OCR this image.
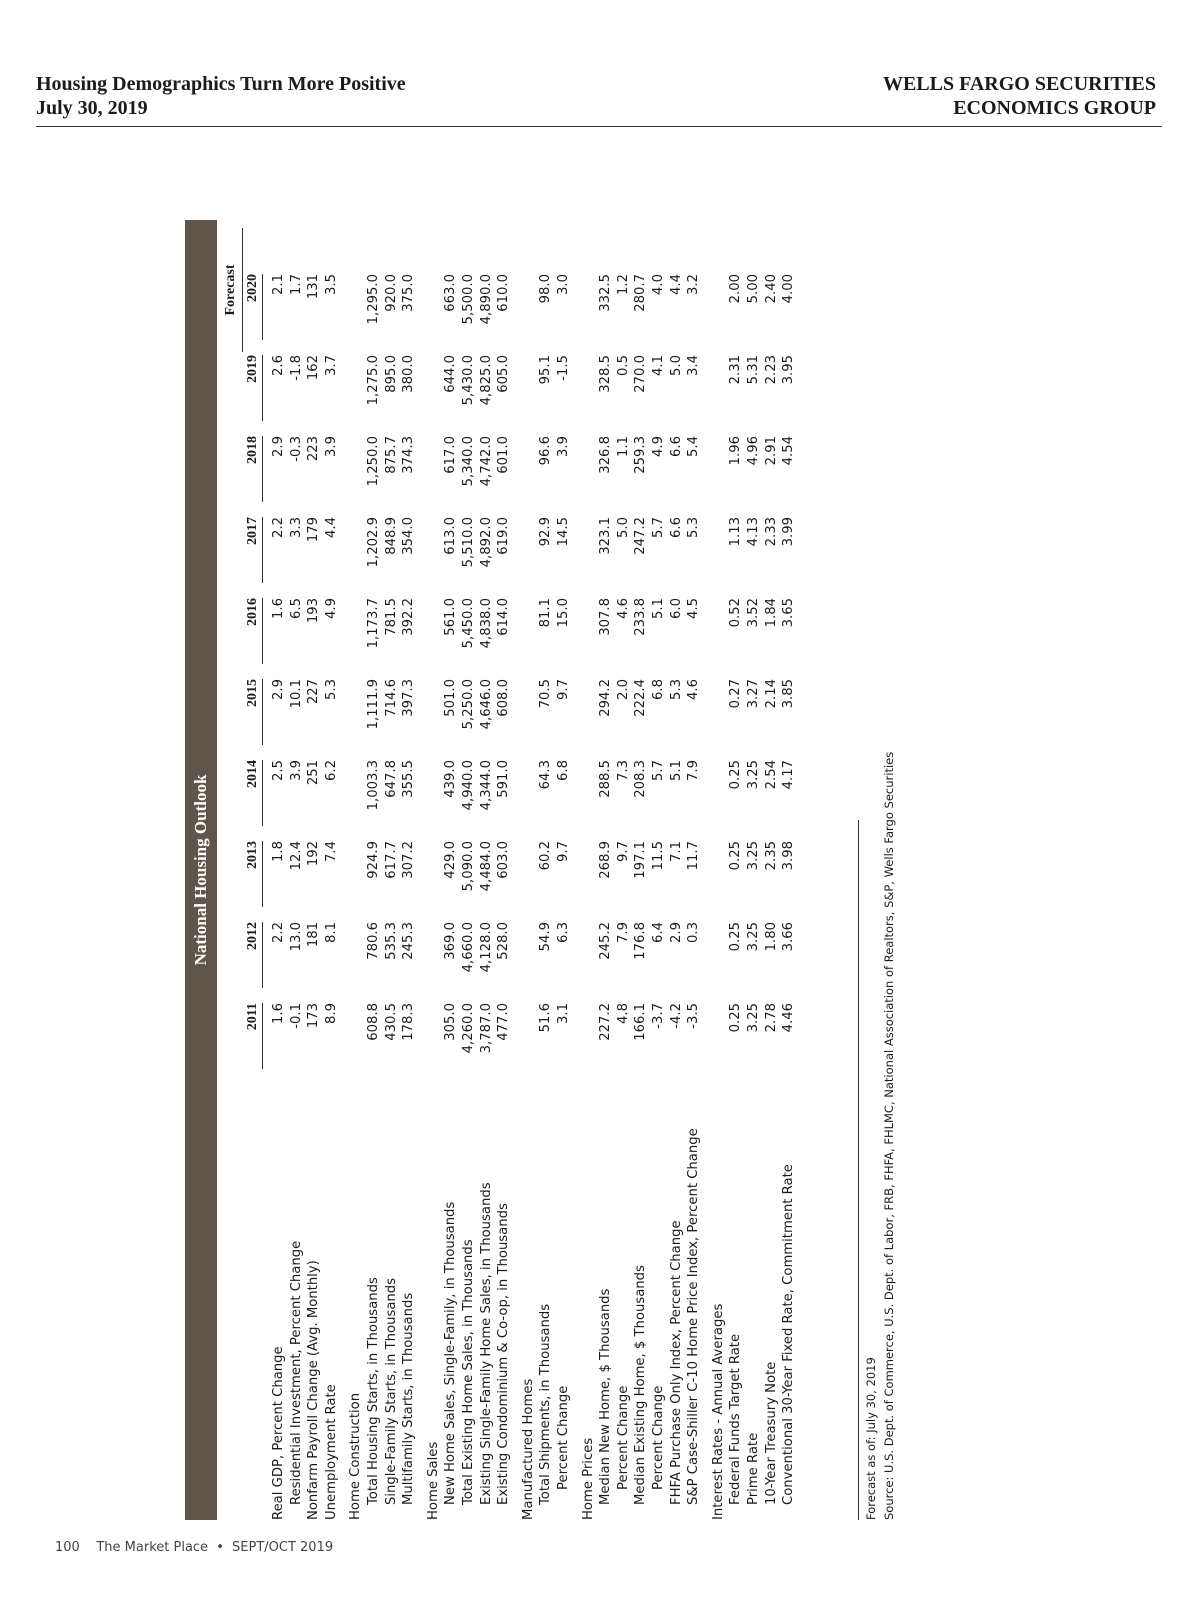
Housing Demographics Turn More Positive
July 30, 2019
WELLS FARGO SECURITIES
ECONOMICS GROUP
National Housing Outlook
Forecast
Real GDP, Percent Change
1.6
2.2
1.8
2.5
2.9
1.6
2.2
2.9
2.6
2.1
Residential Investment, Percent Change
-0.1
13.0
12.4
3.9
10.1
6.5
3.3
-0.3
-1.8
1.7
Nonfarm Payroll Change (Avg. Monthly)
173
181
192
251
227
193
179
223
162
131
Unemployment Rate
8.9
8.1
7.4
6.2
5.3
4.9
4.4
3.9
3.7
3.5
Home Construction Total Housing Starts, in Thousands
608.8
780.6
924.9
1,003.3
1,111.9
1,173.7
1,202.9
1,250.0
1,275.0
1,295.0
Single-Family Starts, in Thousands
430.5
535.3
617.7
647.8
714.6
781.5
848.9
875.7
895.0
920.0
Multifamily Starts, in Thousands
178.3
245.3
307.2
355.5
397.3
392.2
354.0
374.3
380.0
375.0
Home Sales New Home Sales, Single-Family, in Thousands
305.0
369.0
429.0
439.0
501.0
561.0
613.0
617.0
644.0
663.0
Total Existing Home Sales, in Thousands
4,260.0
4,660.0
5,090.0
4,940.0
5,250.0
5,450.0
5,510.0
5,340.0
5,430.0
5,500.0
Existing Single-Family Home Sales, in Thousands
3,787.0
4,128.0
4,484.0
4,344.0
4,646.0
4,838.0
4,892.0
4,742.0
4,825.0
4,890.0
Existing Condominium & Co-op, in Thousands
477.0
528.0
603.0
591.0
608.0
614.0
619.0
601.0
605.0
610.0
Manufactured Homes Total Shipments, in Thousands
51.6
54.9
60.2
64.3
70.5
81.1
92.9
96.6
95.1
98.0
Percent Change
3.1
6.3
9.7
6.8
9.7
15.0
14.5
3.9
-1.5
3.0
Home Prices Median New Home, $ Thousands
227.2
245.2
268.9
288.5
294.2
307.8
323.1
326.8
328.5
332.5
Percent Change
4.8
7.9
9.7
7.3
2.0
4.6
5.0
1.1
0.5
1.2
Median Existing Home, $ Thousands
166.1
176.8
197.1
208.3
222.4
233.8
247.2
259.3
270.0
280.7
Percent Change
-3.7
6.4
11.5
5.7
6.8
5.1
5.7
4.9
4.1
4.0
FHFA Purchase Only Index, Percent Change
-4.2
2.9
7.1
5.1
5.3
6.0
6.6
6.6
5.0
4.4
S&P Case-Shiller C-10 Home Price Index, Percent Change
-3.5
0.3
11.7
7.9
4.6
4.5
5.3
5.4
3.4
3.2
Interest Rates - Annual Averages Federal Funds Target Rate
0.25
0.25
0.25
0.25
0.27
0.52
1.13
1.96
2.31
2.00
Prime Rate
3.25
3.25
3.25
3.25
3.27
3.52
4.13
4.96
5.31
5.00
10-Year Treasury Note
2.78
1.80
2.35
2.54
2.14
1.84
2.33
2.91
2.23
2.40
Conventional 30-Year Fixed Rate, Commitment Rate
4.46
3.66
3.98
4.17
3.85
3.65
3.99
4.54
3.95
4.00
Forecast as of: July 30, 2019 Source: U.S. Dept. of Commerce, U.S. Dept. of Labor, FRB, FHFA, FHLMC, National Association of Realtors, S&P, Wells Fargo Securities
2011
2012
2013
2014
2015
2016
2017
2018
2019
2020
100 The Market Place • SEPT/OCT 2019
